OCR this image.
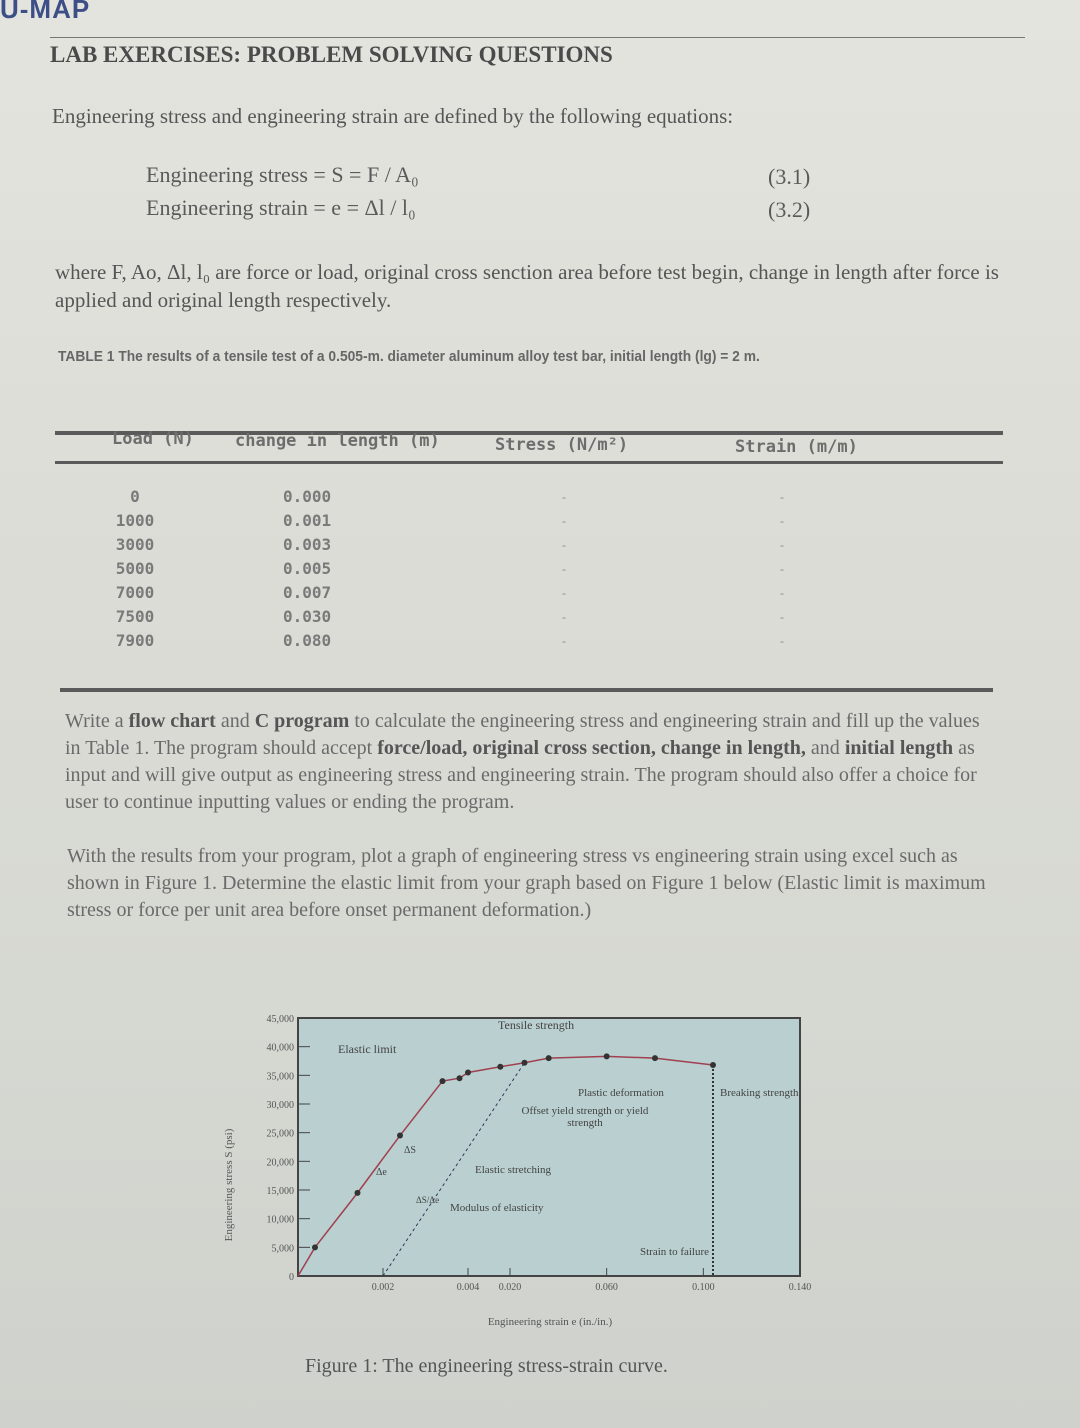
U-MAP
LAB EXERCISES: PROBLEM SOLVING QUESTIONS
Engineering stress and engineering strain are defined by the following equations:
Engineering stress = S = F / A₀	(3.1)
Engineering strain = e = Δl / l₀	(3.2)
where F, Ao, Δl, l₀ are force or load, original cross senction area before test begin, change in length after force is applied and original length respectively.
TABLE 1 The results of a tensile test of a 0.505-m. diameter aluminum alloy test bar, initial length (lg) = 2 m.
Load (N) change in length (m)	Stress (N/m²)	Strain (m/m)
0	0.000	-	-
1000	0.001	-	-
3000	0.003	-	-
5000	0.005	-	-
7000	0.007	-	-
7500	0.030	-	-
7900	0.080	-	-
Write a flow chart and C program to calculate the engineering stress and engineering strain and fill up the values in Table 1. The program should accept force/load, original cross section, change in length, and initial length as input and will give output as engineering stress and engineering strain. The program should also offer a choice for user to continue inputting values or ending the program.
With the results from your program, plot a graph of engineering stress vs engineering strain using excel such as shown in Figure 1. Determine the elastic limit from your graph based on Figure 1 below (Elastic limit is maximum stress or force per unit area before onset permanent deformation.)
0
5,000
10,000
15,000
20,000
25,000
30,000
35,000
40,000
45,000
0.002	0.004 0.020	0.060	0.100	0.140
Engineering stress S (psi)
Engineering strain e (in./in.)
Elastic limit
Tensile strength
Plastic deformation	Breaking strength
Offset yield strength or yield strength
Elastic stretching
Modulus of elasticity
Strain to failure
ΔS
Δe
ΔS/Δe
Figure 1: The engineering stress-strain curve.
